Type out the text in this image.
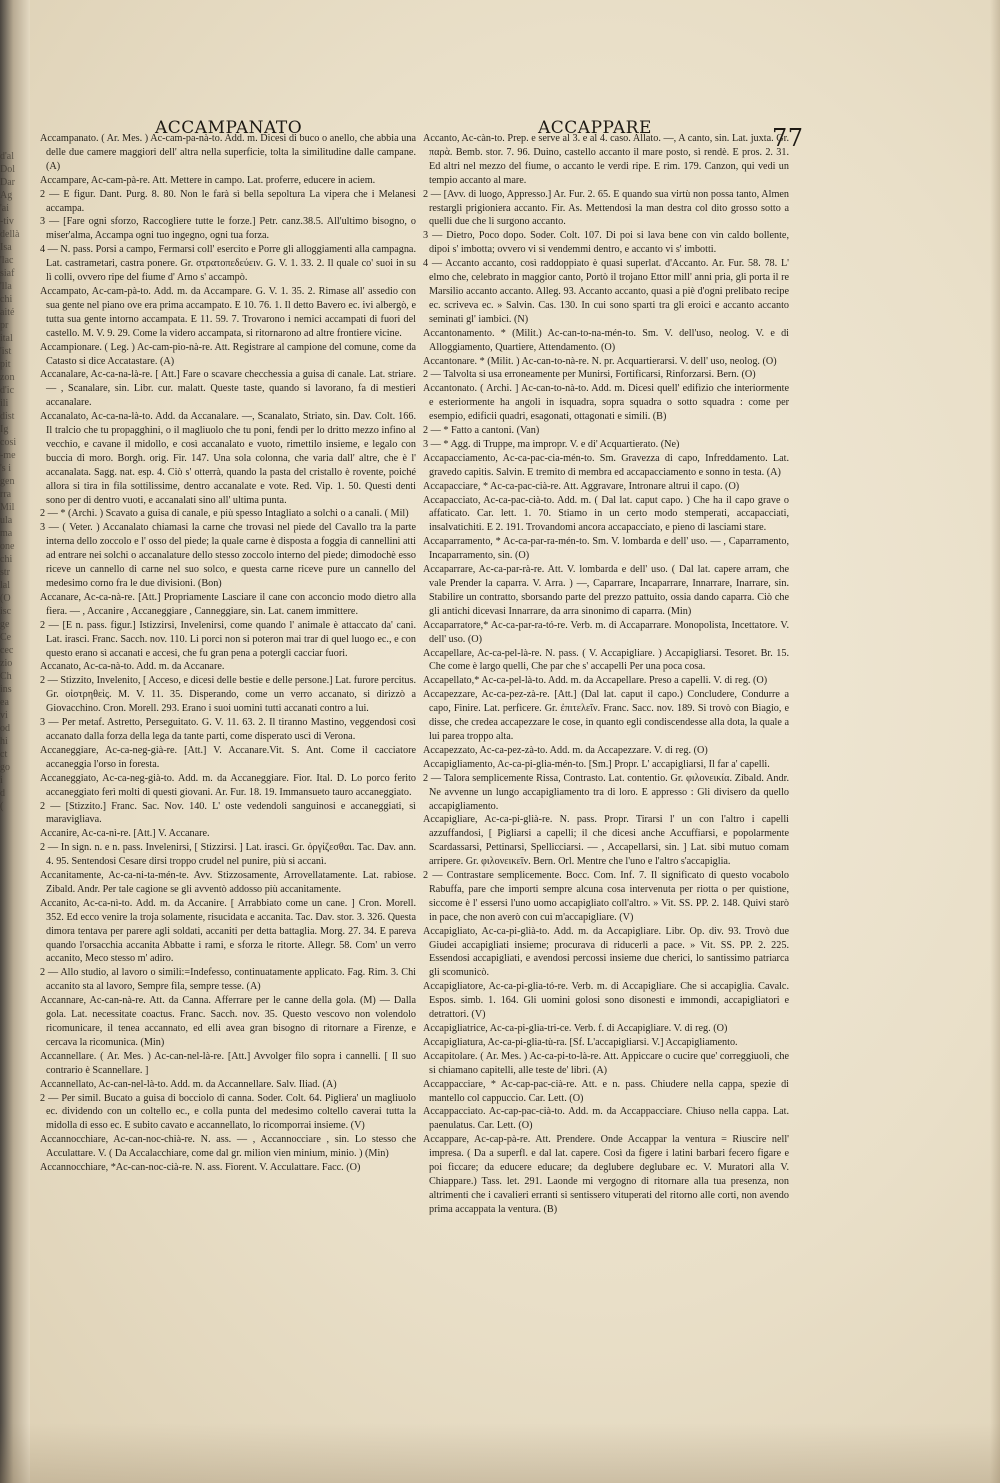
d'al
Dol
Dar
Ag
'ai
-tiv
dellà
Isa
'lac
siaf
'lla
chi
aité
pr
ital
'ist
pit
zon
d'ic
ili
dist
Ig
cosi
-me
's i
gen
rra
Mil
ula
ma
one
chi
str
lal
(O
isc
ge
Ce
cec
zio
Ch
ins
ea
vi
od
hi
ct
go
i
d
(
ACCAMPANATO	ACCAPPARE	77
Accampanato. ( Ar. Mes. ) Ac-cam-pa-nà-to. Add. m. Dicesi di buco o anello, che abbia una delle due camere maggiori dell' altra nella superficie, tolta la similitudine dalle campane. (A)
Accampare, Ac-cam-pà-re. Att. Mettere in campo. Lat. proferre, educere in aciem.
2 — E figur. Dant. Purg. 8. 80. Non le farà sì bella sepoltura La vipera che i Melanesi accampa.
3 — [Fare ogni sforzo, Raccogliere tutte le forze.] Petr. canz.38.5. All'ultimo bisogno, o miser'alma, Accampa ogni tuo ingegno, ogni tua forza.
4 — N. pass. Porsi a campo, Fermarsi coll' esercito e Porre gli alloggiamenti alla campagna. Lat. castrametari, castra ponere. Gr. στρατοπεδεύειν. G. V. 1. 33. 2. Il quale co' suoi in su lì colli, ovvero ripe del fiume d' Arno s' accampò.
Accampato, Ac-cam-pà-to. Add. m. da Accampare. G. V. 1. 35. 2. Rimase all' assedio con sua gente nel piano ove era prima accampato. E 10. 76. 1. Il detto Bavero ec. ivi albergò, e tutta sua gente intorno accampata. E 11. 59. 7. Trovarono i nemici accampati di fuori del castello. M. V. 9. 29. Come la videro accampata, si ritornarono ad altre frontiere vicine.
Accampionare. ( Leg. ) Ac-cam-pio-nà-re. Att. Registrare al campione del comune, come da Catasto si dice Accatastare. (A)
Accanalare, Ac-ca-na-là-re. [ Att.] Fare o scavare checchessia a guisa di canale. Lat. striare. — , Scanalare, sin. Libr. cur. malatt. Queste taste, quando si lavorano, fa di mestieri accanalare.
Accanalato, Ac-ca-na-là-to. Add. da Accanalare. —, Scanalato, Striato, sin. Dav. Colt. 166. Il tralcio che tu propagghini, o il magliuolo che tu poni, fendi per lo dritto mezzo infino al vecchio, e cavane il midollo, e così accanalato e vuoto, rimettilo insieme, e legalo con buccia di moro. Borgh. orig. Fir. 147. Una sola colonna, che varia dall' altre, che è l' accanalata. Sagg. nat. esp. 4. Ciò s' otterrà, quando la pasta del cristallo è rovente, poiché allora si tira in fila sottilissime, dentro accanalate e vote. Red. Vip. 1. 50. Questi denti sono per di dentro vuoti, e accanalati sino all' ultima punta.
2 — * (Archi. ) Scavato a guisa di canale, e più spesso Intagliato a solchi o a canali. ( Mil)
3 — ( Veter. ) Accanalato chiamasi la carne che trovasi nel piede del Cavallo tra la parte interna dello zoccolo e l' osso del piede; la quale carne è disposta a foggia di cannellini atti ad entrare nei solchi o accanalature dello stesso zoccolo interno del piede; dimodochè esso riceve un cannello di carne nel suo solco, e questa carne riceve pure un cannello del medesimo corno fra le due divisioni. (Bon)
Accanare, Ac-ca-nà-re. [Att.] Propriamente Lasciare il cane con acconcio modo dietro alla fiera. — , Accanire , Accaneggiare , Canneggiare, sin. Lat. canem immittere.
2 — [E n. pass. figur.] Istizzirsi, Invelenirsi, come quando l' animale è attaccato da' cani. Lat. irasci. Franc. Sacch. nov. 110. Li porci non si poteron mai trar di quel luogo ec., e con questo erano sì accanati e accesi, che fu gran pena a potergli cacciar fuori.
Accanato, Ac-ca-nà-to. Add. m. da Accanare.
2 — Stizzito, Invelenito, [ Acceso, e dicesi delle bestie e delle persone.] Lat. furore percitus. Gr. οἰστρηθεὶς. M. V. 11. 35. Disperando, come un verro accanato, si dirizzò a Giovacchino. Cron. Morell. 293. Erano i suoi uomini tutti accanati contro a lui.
3 — Per metaf. Astretto, Perseguitato. G. V. 11. 63. 2. Il tiranno Mastino, veggendosi così accanato dalla forza della lega da tante parti, come disperato uscì di Verona.
Accaneggiare, Ac-ca-neg-già-re. [Att.] V. Accanare.Vit. S. Ant. Come il cacciatore accaneggia l'orso in foresta.
Accaneggiato, Ac-ca-neg-già-to. Add. m. da Accaneggiare. Fior. Ital. D. Lo porco ferito accaneggiato ferì molti di questi giovani. Ar. Fur. 18. 19. Immansueto tauro accaneggiato.
2 — [Stizzito.] Franc. Sac. Nov. 140. L' oste vedendoli sanguinosi e accaneggiati, sì maravigliava.
Accanire, Ac-ca-nì-re. [Att.] V. Accanare.
2 — In sign. n. e n. pass. Invelenirsi, [ Stizzirsi. ] Lat. irasci. Gr. ὀργίζεσθαι. Tac. Dav. ann. 4. 95. Sentendosi Cesare dirsi troppo crudel nel punire, più si accanì.
Accanitamente, Ac-ca-ni-ta-mén-te. Avv. Stizzosamente, Arrovellatamente. Lat. rabiose. Zibald. Andr. Per tale cagione se gli avventò addosso più accanitamente.
Accanito, Ac-ca-nì-to. Add. m. da Accanire. [ Arrabbiato come un cane. ] Cron. Morell. 352. Ed ecco venire la troja solamente, risucidata e accanita. Tac. Dav. stor. 3. 326. Questa dimora tentava per parere agli soldati, accaniti per detta battaglia. Morg. 27. 34. E pareva quando l'orsacchia accanita Abbatte i rami, e sforza le ritorte. Allegr. 58. Com' un verro accanito, Meco stesso m' adiro.
2 — Allo studio, al lavoro o simili:=Indefesso, continuatamente applicato. Fag. Rim. 3. Chi accanito sta al lavoro, Sempre fila, sempre tesse. (A)
Accannare, Ac-can-nà-re. Att. da Canna. Afferrare per le canne della gola. (M) — Dalla gola. Lat. necessitate coactus. Franc. Sacch. nov. 35. Questo vescovo non volendolo ricomunicare, il tenea accannato, ed elli avea gran bisogno di ritornare a Firenze, e cercava la ricomunica. (Min)
Accannellare. ( Ar. Mes. ) Ac-can-nel-là-re. [Att.] Avvolger filo sopra i cannelli. [ Il suo contrario è Scannellare. ]
Accannellato, Ac-can-nel-là-to. Add. m. da Accannellare. Salv. Iliad. (A)
2 — Per simil. Bucato a guisa di bocciolo di canna. Soder. Colt. 64. Pigliera' un magliuolo ec. dividendo con un coltello ec., e colla punta del medesimo coltello caverai tutta la midolla di esso ec. E subito cavato e accannellato, lo ricomporrai insieme. (V)
Accannocchiare, Ac-can-noc-chià-re. N. ass. — , Accannocciare , sin. Lo stesso che Acculattare. V. ( Da Accalacchiare, come dal gr. milion vien minium, minio. ) (Min)
Accannocchiare, *Ac-can-noc-cià-re. N. ass. Fiorent. V. Acculattare. Facc. (O)
Accanto, Ac-càn-to. Prep. e serve al 3. e al 4. caso. Allato. —, A canto, sin. Lat. juxta. Gr. παρὰ. Bemb. stor. 7. 96. Duino, castello accanto il mare posto, sì rendè. E pros. 2. 31. Ed altri nel mezzo del fiume, o accanto le verdi ripe. E rim. 179. Canzon, qui vedi un tempio accanto al mare.
2 — [Avv. di luogo, Appresso.] Ar. Fur. 2. 65. E quando sua virtù non possa tanto, Almen restargli prigioniera accanto. Fir. As. Mettendosi la man destra col dito grosso sotto a quelli due che li surgono accanto.
3 — Dietro, Poco dopo. Soder. Colt. 107. Di poi si lava bene con vin caldo bollente, dipoi s' imbotta; ovvero vi si vendemmi dentro, e accanto vi s' imbotti.
4 — Accanto accanto, così raddoppiato è quasi superlat. d'Accanto. Ar. Fur. 58. 78. L' elmo che, celebrato in maggior canto, Portò il trojano Ettor mill' anni pria, gli porta il re Marsilio accanto accanto. Alleg. 93. Accanto accanto, quasi a piè d'ogni prelibato recipe ec. scriveva ec. » Salvin. Cas. 130. In cui sono sparti tra gli eroici e accanto accanto seminati gl' iambici. (N)
Accantonamento. * (Milit.) Ac-can-to-na-mén-to. Sm. V. dell'uso, neolog. V. e di Alloggiamento, Quartiere, Attendamento. (O)
Accantonare. * (Milit. ) Ac-can-to-nà-re. N. pr. Acquartierarsi. V. dell' uso, neolog. (O)
2 — Talvolta si usa erroneamente per Munirsi, Fortificarsi, Rinforzarsi. Bern. (O)
Accantonato. ( Archi. ] Ac-can-to-nà-to. Add. m. Dicesi quell' edifizio che interiormente e esteriormente ha angoli in isquadra, sopra squadra o sotto squadra : come per esempio, edificii quadri, esagonati, ottagonati e simili. (B)
2 — * Fatto a cantoni. (Van)
3 — * Agg. di Truppe, ma impropr. V. e di' Acquartierato. (Ne)
Accapacciamento, Ac-ca-pac-cia-mén-to. Sm. Gravezza di capo, Infreddamento. Lat. gravedo capitis. Salvin. E tremito di membra ed accapacciamento e sonno in testa. (A)
Accapacciare, * Ac-ca-pac-cià-re. Att. Aggravare, Intronare altrui il capo. (O)
Accapacciato, Ac-ca-pac-cià-to. Add. m. ( Dal lat. caput capo. ) Che ha il capo grave o affaticato. Car. lett. 1. 70. Stiamo in un certo modo stemperati, accapacciati, insalvatichiti. E 2. 191. Trovandomi ancora accapacciato, e pieno di lasciami stare.
Accaparramento, * Ac-ca-par-ra-mén-to. Sm. V. lombarda e dell' uso. — , Caparramento, Incaparramento, sin. (O)
Accaparrare, Ac-ca-par-rà-re. Att. V. lombarda e dell' uso. ( Dal lat. capere arram, che vale Prender la caparra. V. Arra. ) —, Caparrare, Incaparrare, Innarrare, Inarrare, sin. Stabilire un contratto, sborsando parte del prezzo pattuito, ossia dando caparra. Ciò che gli antichi dicevasi Innarrare, da arra sinonimo di caparra. (Min)
Accaparratore,* Ac-ca-par-ra-tó-re. Verb. m. di Accaparrare. Monopolista, Incettatore. V. dell' uso. (O)
Accapellare, Ac-ca-pel-là-re. N. pass. ( V. Accapigliare. ) Accapigliarsi. Tesoret. Br. 15. Che come è largo quelli, Che par che s' accapelli Per una poca cosa.
Accapellato,* Ac-ca-pel-là-to. Add. m. da Accapellare. Preso a capelli. V. di reg. (O)
Accapezzare, Ac-ca-pez-zà-re. [Att.] (Dal lat. caput il capo.) Concludere, Condurre a capo, Finire. Lat. perficere. Gr. ἐπιτελεῖν. Franc. Sacc. nov. 189. Si trovò con Biagio, e disse, che credea accapezzare le cose, in quanto egli condiscendesse alla dota, la quale a lui parea troppo alta.
Accapezzato, Ac-ca-pez-zà-to. Add. m. da Accapezzare. V. di reg. (O)
Accapigliamento, Ac-ca-pi-glia-mén-to. [Sm.] Propr. L' accapigliarsi, Il far a' capelli.
2 — Talora semplicemente Rissa, Contrasto. Lat. contentio. Gr. φιλονεικία. Zibald. Andr. Ne avvenne un lungo accapigliamento tra di loro. E appresso : Gli divisero da quello accapigliamento.
Accapigliare, Ac-ca-pi-glià-re. N. pass. Propr. Tirarsi l' un con l'altro i capelli azzuffandosi, [ Pigliarsi a capelli; il che dicesi anche Accuffiarsi, e popolarmente Scardassarsi, Pettinarsi, Spellicciarsi. — , Accapellarsi, sin. ] Lat. sibi mutuo comam arripere. Gr. φιλονεικεῖν. Bern. Orl. Mentre che l'uno e l'altro s'accapiglia.
2 — Contrastare semplicemente. Bocc. Com. Inf. 7. Il significato di questo vocabolo Rabuffa, pare che importi sempre alcuna cosa intervenuta per riotta o per quistione, siccome è l' essersi l'uno uomo accapigliato coll'altro. » Vit. SS. PP. 2. 148. Quivi starò in pace, che non averò con cui m'accapigliare. (V)
Accapigliato, Ac-ca-pi-glià-to. Add. m. da Accapigliare. Libr. Op. div. 93. Trovò due Giudei accapigliati insieme; procurava di riducerli a pace. » Vit. SS. PP. 2. 225. Essendosi accapigliati, e avendosi percossi insieme due cherici, lo santissimo patriarca gli scomunicò.
Accapigliatore, Ac-ca-pi-glia-tó-re. Verb. m. di Accapigliare. Che si accapiglia. Cavalc. Espos. simb. 1. 164. Gli uomini golosi sono disonesti e immondi, accapigliatori e detrattori. (V)
Accapigliatrice, Ac-ca-pi-glia-tri-ce. Verb. f. di Accapigliare. V. di reg. (O)
Accapigliatura, Ac-ca-pi-glia-tù-ra. [Sf. L'accapigliarsi. V.] Accapigliamento.
Accapitolare. ( Ar. Mes. ) Ac-ca-pi-to-là-re. Att. Appiccare o cucire que' correggiuoli, che si chiamano capitelli, alle teste de' libri. (A)
Accappacciare, * Ac-cap-pac-cià-re. Att. e n. pass. Chiudere nella cappa, spezie di mantello col cappuccio. Car. Lett. (O)
Accappacciato. Ac-cap-pac-cià-to. Add. m. da Accappacciare. Chiuso nella cappa. Lat. paenulatus. Car. Lett. (O)
Accappare, Ac-cap-pà-re. Att. Prendere. Onde Accappar la ventura = Riuscire nell' impresa. ( Da a superfl. e dal lat. capere. Così da figere i latini barbari fecero figare e poi ficcare; da educere educare; da deglubere deglubare ec. V. Muratori alla V. Chiappare.) Tass. let. 291. Laonde mi vergogno di ritornare alla tua presenza, non altrimenti che i cavalieri erranti si sentissero vituperati del ritorno alle corti, non avendo prima accappata la ventura. (B)
